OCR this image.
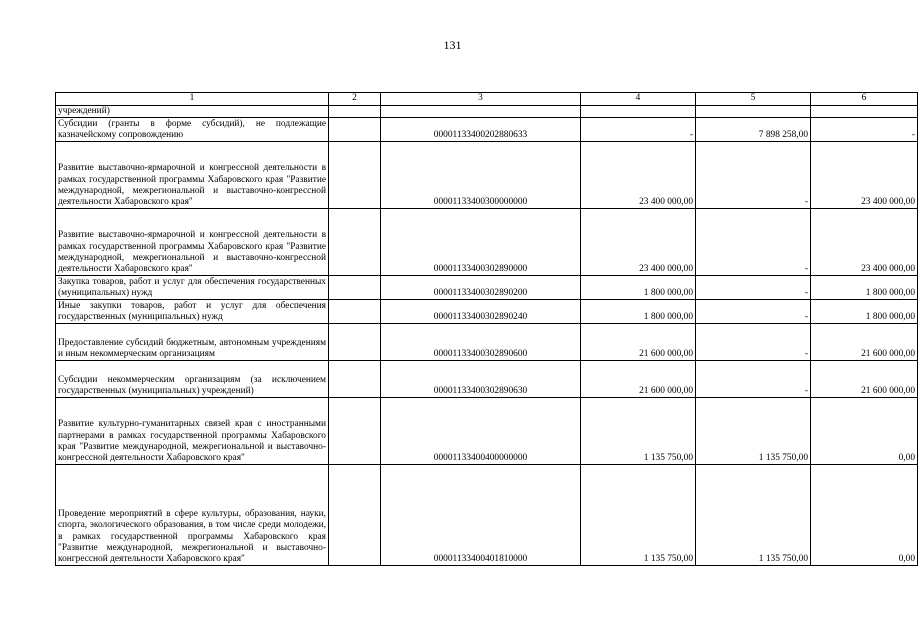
131
1	2	3	4	5	6
учреждений)					
Субсидии (гранты в форме субсидий), не подлежащие казначейскому сопровождению		00001133400202880633	-	7 898 258,00	-
Развитие выставочно-ярмарочной и конгрессной деятельности в рамках государственной программы Хабаровского края "Развитие международной, межрегиональной и выставочно-конгрессной деятельности Хабаровского края"		00001133400300000000	23 400 000,00	-	23 400 000,00
Развитие выставочно-ярмарочной и конгрессной деятельности в рамках государственной программы Хабаровского края "Развитие международной, межрегиональной и выставочно-конгрессной деятельности Хабаровского края"		00001133400302890000	23 400 000,00	-	23 400 000,00
Закупка товаров, работ и услуг для обеспечения государственных (муниципальных) нужд		00001133400302890200	1 800 000,00	-	1 800 000,00
Иные закупки товаров, работ и услуг для обеспечения государственных (муниципальных) нужд		00001133400302890240	1 800 000,00	-	1 800 000,00
Предоставление субсидий бюджетным, автономным учреждениям и иным некоммерческим организациям		00001133400302890600	21 600 000,00	-	21 600 000,00
Субсидии некоммерческим организациям (за исключением государственных (муниципальных) учреждений)		00001133400302890630	21 600 000,00	-	21 600 000,00
Развитие культурно-гуманитарных связей края с иностранными партнерами в рамках государственной программы Хабаровского края "Развитие международной, межрегиональной и выставочно-конгрессной деятельности Хабаровского края"		00001133400400000000	1 135 750,00	1 135 750,00	0,00
Проведение мероприятий в сфере культуры, образования, науки, спорта, экологического образования, в том числе среди молодежи, в рамках государственной программы Хабаровского края "Развитие международной, межрегиональной и выставочно-конгрессной деятельности Хабаровского края"		00001133400401810000	1 135 750,00	1 135 750,00	0,00
